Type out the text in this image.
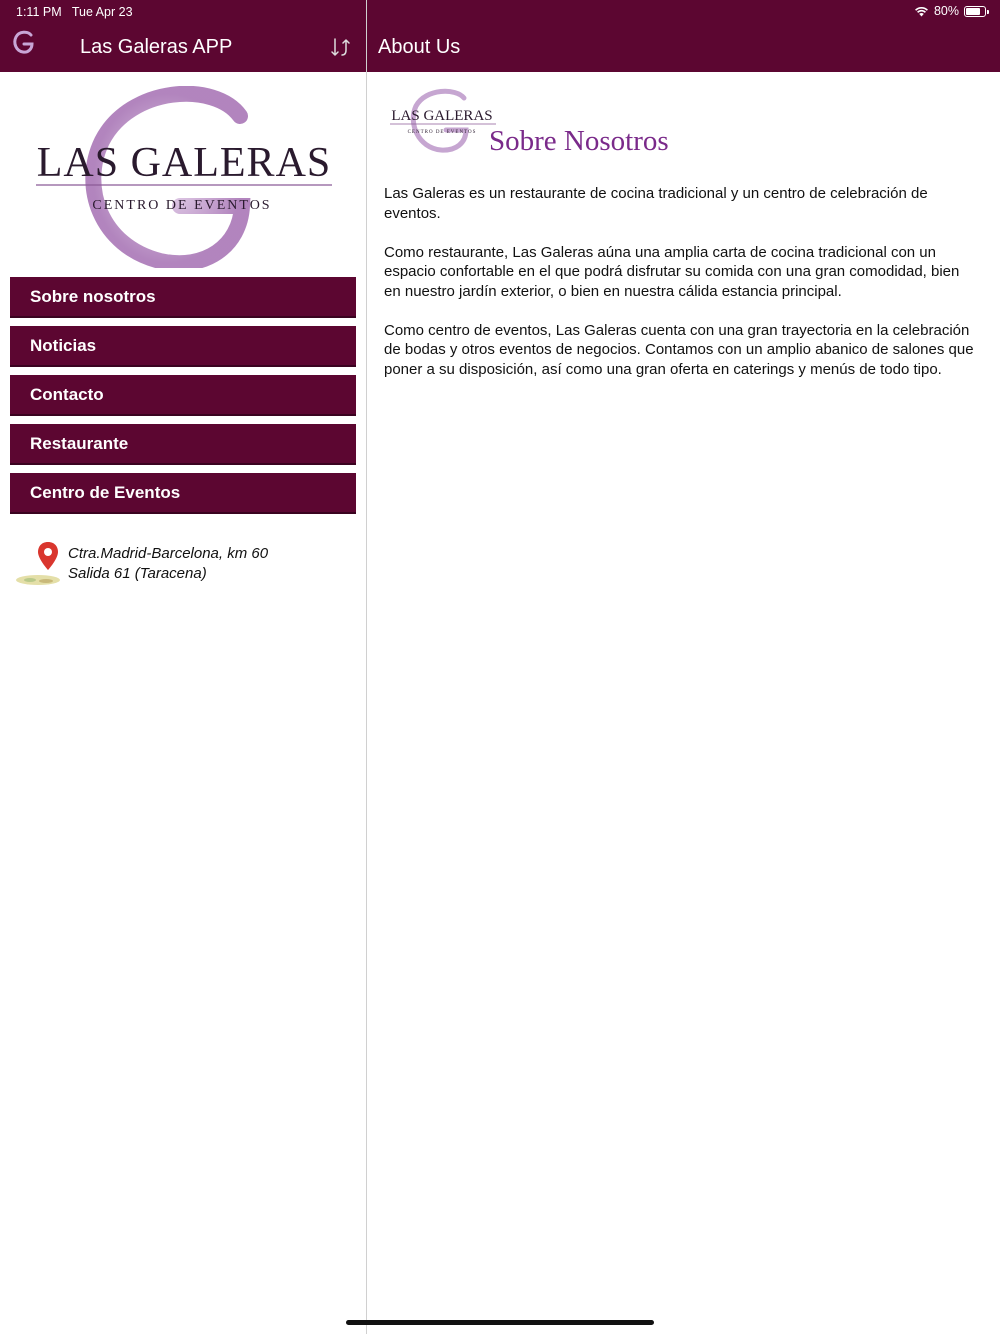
1:11 PM Tue Apr 23	80%
Las Galeras APP	About Us
LAS GALERAS
CENTRO DE EVENTOS
Sobre nosotros
Noticias
Contacto
Restaurante
Centro de Eventos
Ctra.Madrid-Barcelona, km 60
Salida 61 (Taracena)
LAS GALERAS
CENTRO DE EVENTOS Sobre Nosotros

Las Galeras es un restaurante de cocina tradicional y un centro de celebración de eventos.

Como restaurante, Las Galeras aúna una amplia carta de cocina tradicional con un espacio confortable en el que podrá disfrutar su comida con una gran comodidad, bien en nuestro jardín exterior, o bien en nuestra cálida estancia principal.

Como centro de eventos, Las Galeras cuenta con una gran trayectoria en la celebración de bodas y otros eventos de negocios. Contamos con un amplio abanico de salones que poner a su disposición, así como una gran oferta en caterings y menús de todo tipo.
